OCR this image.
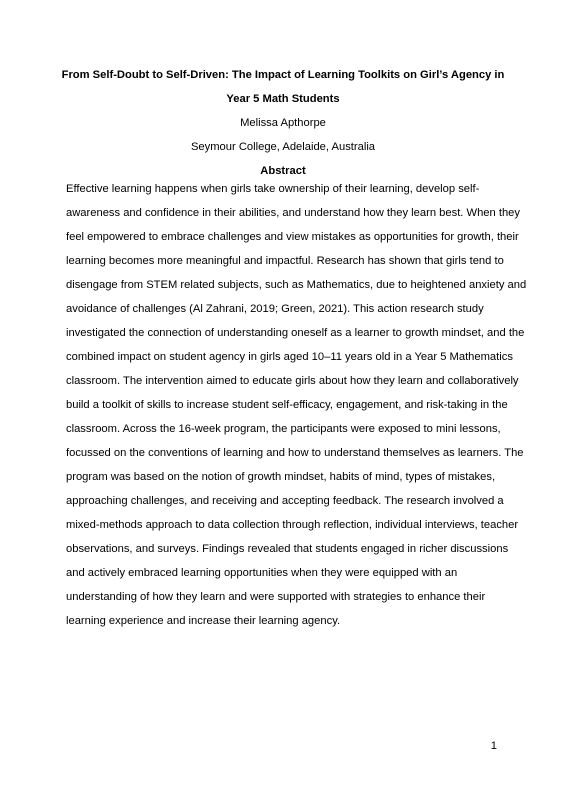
From Self-Doubt to Self-Driven: The Impact of Learning Toolkits on Girl’s Agency in
Year 5 Math Students
Melissa Apthorpe
Seymour College, Adelaide, Australia
Abstract
Effective learning happens when girls take ownership of their learning, develop self-
awareness and confidence in their abilities, and understand how they learn best. When they
feel empowered to embrace challenges and view mistakes as opportunities for growth, their
learning becomes more meaningful and impactful. Research has shown that girls tend to
disengage from STEM related subjects, such as Mathematics, due to heightened anxiety and
avoidance of challenges (Al Zahrani, 2019; Green, 2021). This action research study
investigated the connection of understanding oneself as a learner to growth mindset, and the
combined impact on student agency in girls aged 10–11 years old in a Year 5 Mathematics
classroom. The intervention aimed to educate girls about how they learn and collaboratively
build a toolkit of skills to increase student self-efficacy, engagement, and risk-taking in the
classroom. Across the 16-week program, the participants were exposed to mini lessons,
focussed on the conventions of learning and how to understand themselves as learners. The
program was based on the notion of growth mindset, habits of mind, types of mistakes,
approaching challenges, and receiving and accepting feedback. The research involved a
mixed-methods approach to data collection through reflection, individual interviews, teacher
observations, and surveys. Findings revealed that students engaged in richer discussions
and actively embraced learning opportunities when they were equipped with an
understanding of how they learn and were supported with strategies to enhance their
learning experience and increase their learning agency.
1
